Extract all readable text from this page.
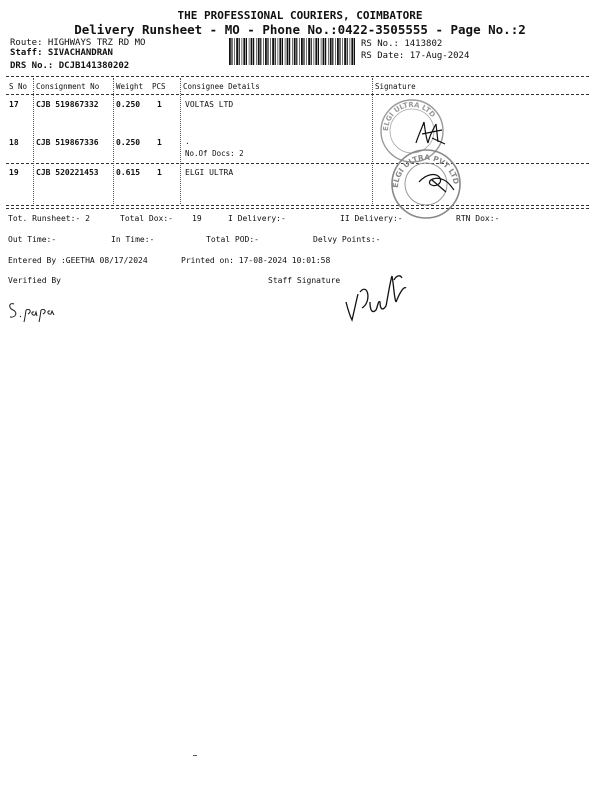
THE PROFESSIONAL COURIERS, COIMBATORE
Delivery Runsheet - MO - Phone No.:0422-3505555 - Page No.:2
Route: HIGHWAYS TRZ RD MO
Staff: SIVACHANDRAN
DRS No.: DCJB141380202
RS No.: 1413802
RS Date: 17-Aug-2024
S No Consignment No Weight PCS Consignee Details	Signature
17 CJB 519867332 0.250 1	VOLTAS LTD
18 CJB 519867336 0.250 1	.
No.Of Docs: 2
19 CJB 520221453 0.615 1	ELGI ULTRA
ELGI ULTRA LTD
ELGI ULTRA PVT LTD
Tot. Runsheet:- 2	Total Dox:- 19	I Delivery:-	II Delivery:-	RTN Dox:-
Out Time:-	In Time:-	Total POD:-	Delvy Points:-
Entered By :GEETHA 08/17/2024	Printed on: 17-08-2024 10:01:58
Verified By	Staff Signature
